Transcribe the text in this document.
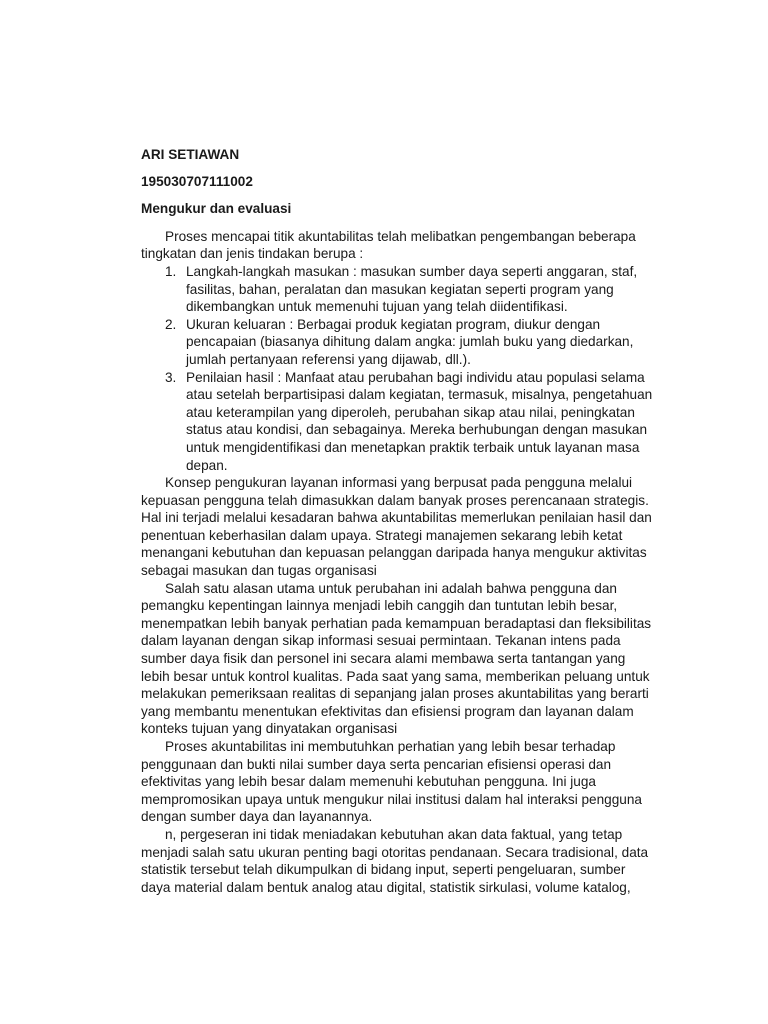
ARI SETIAWAN

195030707111002

Mengukur dan evaluasi

Proses mencapai titik akuntabilitas telah melibatkan pengembangan beberapa tingkatan dan jenis tindakan berupa :

1. Langkah-langkah masukan : masukan sumber daya seperti anggaran, staf, fasilitas, bahan, peralatan dan masukan kegiatan seperti program yang dikembangkan untuk memenuhi tujuan yang telah diidentifikasi.
2. Ukuran keluaran : Berbagai produk kegiatan program, diukur dengan pencapaian (biasanya dihitung dalam angka: jumlah buku yang diedarkan, jumlah pertanyaan referensi yang dijawab, dll.).
3. Penilaian hasil : Manfaat atau perubahan bagi individu atau populasi selama atau setelah berpartisipasi dalam kegiatan, termasuk, misalnya, pengetahuan atau keterampilan yang diperoleh, perubahan sikap atau nilai, peningkatan status atau kondisi, dan sebagainya. Mereka berhubungan dengan masukan untuk mengidentifikasi dan menetapkan praktik terbaik untuk layanan masa depan.

Konsep pengukuran layanan informasi yang berpusat pada pengguna melalui kepuasan pengguna telah dimasukkan dalam banyak proses perencanaan strategis. Hal ini terjadi melalui kesadaran bahwa akuntabilitas memerlukan penilaian hasil dan penentuan keberhasilan dalam upaya. Strategi manajemen sekarang lebih ketat menangani kebutuhan dan kepuasan pelanggan daripada hanya mengukur aktivitas sebagai masukan dan tugas organisasi

Salah satu alasan utama untuk perubahan ini adalah bahwa pengguna dan pemangku kepentingan lainnya menjadi lebih canggih dan tuntutan lebih besar, menempatkan lebih banyak perhatian pada kemampuan beradaptasi dan fleksibilitas dalam layanan dengan sikap informasi sesuai permintaan. Tekanan intens pada sumber daya fisik dan personel ini secara alami membawa serta tantangan yang lebih besar untuk kontrol kualitas. Pada saat yang sama, memberikan peluang untuk melakukan pemeriksaan realitas di sepanjang jalan proses akuntabilitas yang berarti yang membantu menentukan efektivitas dan efisiensi program dan layanan dalam konteks tujuan yang dinyatakan organisasi

Proses akuntabilitas ini membutuhkan perhatian yang lebih besar terhadap penggunaan dan bukti nilai sumber daya serta pencarian efisiensi operasi dan efektivitas yang lebih besar dalam memenuhi kebutuhan pengguna. Ini juga mempromosikan upaya untuk mengukur nilai institusi dalam hal interaksi pengguna dengan sumber daya dan layanannya.

n, pergeseran ini tidak meniadakan kebutuhan akan data faktual, yang tetap menjadi salah satu ukuran penting bagi otoritas pendanaan. Secara tradisional, data statistik tersebut telah dikumpulkan di bidang input, seperti pengeluaran, sumber daya material dalam bentuk analog atau digital, statistik sirkulasi, volume katalog,
